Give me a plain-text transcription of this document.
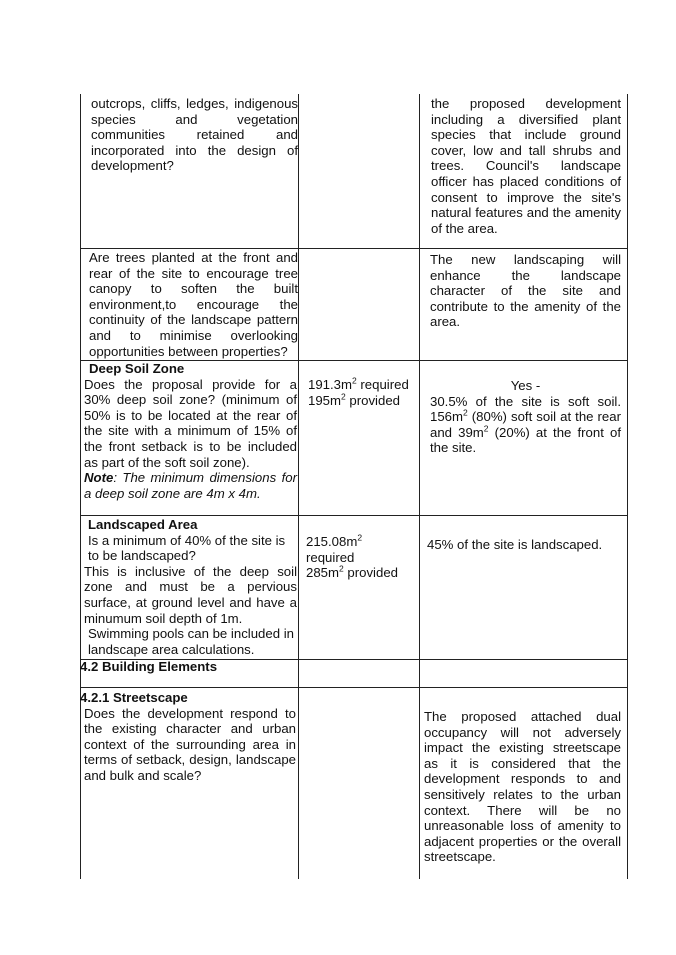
outcrops, cliffs, ledges, indigenous species and vegetation communities retained and incorporated into the design of development?

the proposed development including a diversified plant species that include ground cover, low and tall shrubs and trees. Council's landscape officer has placed conditions of consent to improve the site's natural features and the amenity of the area.

Are trees planted at the front and rear of the site to encourage tree canopy to soften the built environment,to encourage the continuity of the landscape pattern and to minimise overlooking opportunities between properties?

The new landscaping will enhance the landscape character of the site and contribute to the amenity of the area.

Deep Soil Zone

Does the proposal provide for a 30% deep soil zone? (minimum of 50% is to be located at the rear of the site with a minimum of 15% of the front setback is to be included as part of the soft soil zone).

Note: The minimum dimensions for a deep soil zone are 4m x 4m.

$191.3m^2$ required

$195m^2$ provided

Yes -

30.5% of the site is soft soil. $156m^2$ (80%) soft soil at the rear and $39m^2$ (20%) at the front of the site.

Landscaped Area

Is a minimum of 40% of the site is to be landscaped?

This is inclusive of the deep soil zone and must be a pervious surface, at ground level and have a minumum soil depth of 1m.

Swimming pools can be included in landscape area calculations.

$215.08m^2$

required

$285m^2$ provided

45% of the site is landscaped.

4.2 Building Elements

4.2.1 Streetscape

Does the development respond to the existing character and urban context of the surrounding area in terms of setback, design, landscape and bulk and scale?

The proposed attached dual occupancy will not adversely impact the existing streetscape as it is considered that the development responds to and sensitively relates to the urban context. There will be no unreasonable loss of amenity to adjacent properties or the overall streetscape.
